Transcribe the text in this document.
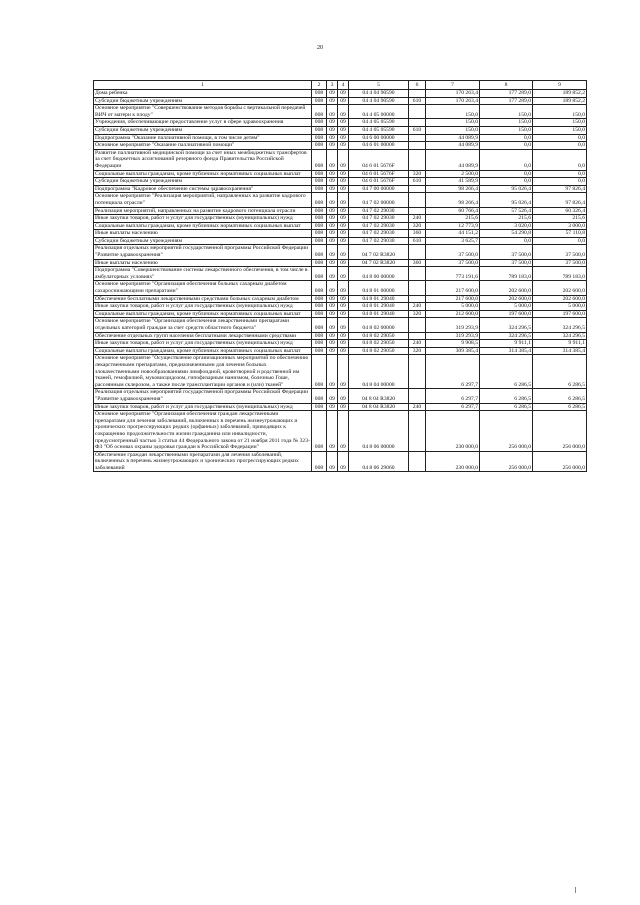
20
1	2	3	4	5	6	7	8	9
Дома ребенка	008	09	09	04 4 04 90590		170 263,4	177 289,0	189 852,2
Субсидии бюджетным учреждениям	008	09	09	04 4 04 90590	610	170 263,4	177 289,0	189 852,2
Основное мероприятие "Совершенствование методов борьбы с вертикальной передачей ВИЧ от матери к плоду"	008	09	09	04 4 05 00000		150,0	150,0	150,0
Учреждения, обеспечивающие предоставление услуг в сфере здравоохранения	008	09	09	04 4 05 05590		150,0	150,0	150,0
Субсидии бюджетным учреждениям	008	09	09	04 4 05 05590	610	150,0	150,0	150,0
Подпрограмма "Оказание паллиативной помощи, в том числе детям"	008	09	09	04 6 00 00000		44 089,9	0,0	0,0
Основное мероприятие "Оказание паллиативной помощи"	008	09	09	04 6 01 00000		44 089,9	0,0	0,0
Развитие паллиативной медицинской помощи за счет иных межбюджетных трансфертов за счет бюджетных ассигнований резервного фонда Правительства Российской Федерации	008	09	09	04 6 01 5676F		44 089,9	0,0	0,0
Социальные выплаты гражданам, кроме публичных нормативных социальных выплат	008	09	09	04 6 01 5676F	320	2 500,0	0,0	0,0
Субсидии бюджетным учреждениям	008	09	09	04 6 01 5676F	610	41 589,9	0,0	0,0
Подпрограмма "Кадровое обеспечение системы здравоохранения"	008	09	09	04 7 00 00000		98 266,4	95 026,4	97 826,4
Основное мероприятие "Реализация мероприятий, направленных на развитие кадрового потенциала отрасли"	008	09	09	04 7 02 00000		98 266,4	95 026,4	97 826,4
Реализация мероприятий, направленных на развитие кадрового потенциала отрасли	008	09	09	04 7 02 29030		60 766,4	57 526,4	60 326,4
Иные закупки товаров, работ и услуг для государственных (муниципальных) нужд	008	09	09	04 7 02 29030	240	215,6	215,6	215,6
Социальные выплаты гражданам, кроме публичных нормативных социальных выплат	008	09	09	04 7 02 29030	320	12 773,9	3 020,0	3 000,0
Иные выплаты населению	008	09	09	04 7 02 29030	360	44 151,2	54 290,8	57 110,8
Субсидии бюджетным учреждениям	008	09	09	04 7 02 29030	610	3 625,7	0,0	0,0
Реализация отдельных мероприятий государственной программы Российской Федерации "Развитие здравоохранения"	008	09	09	04 7 02 R3820		37 500,0	37 500,0	37 500,0
Иные выплаты населению	008	09	09	04 7 02 R3820	360	37 500,0	37 500,0	37 500,0
Подпрограмма "Совершенствование системы лекарственного обеспечения, в том числе в амбулаторных условиях"	008	09	09	04 8 00 00000		773 191,6	789 183,0	789 183,0
Основное мероприятие "Организация обеспечения больных сахарным диабетом сахароснижающими препаратами"	008	09	09	04 8 01 00000		217 600,0	202 600,0	202 600,0
Обеспечение бесплатными лекарственными средствами больных сахарным диабетом	008	09	09	04 8 01 29040		217 600,0	202 600,0	202 600,0
Иные закупки товаров, работ и услуг для государственных (муниципальных) нужд	008	09	09	04 8 01 29040	240	5 000,0	5 000,0	5 000,0
Социальные выплаты гражданам, кроме публичных нормативных социальных выплат	008	09	09	04 8 01 29040	320	212 600,0	197 600,0	197 600,0
Основное мероприятие "Организация обеспечения лекарственными препаратами отдельных категорий граждан за счет средств областного бюджета"	008	09	09	04 8 02 00000		319 293,9	324 296,5	324 296,5
Обеспечение отдельных групп населения бесплатными лекарственными средствами	008	09	09	04 8 02 29050		319 293,9	324 296,5	324 296,5
Иные закупки товаров, работ и услуг для государственных (муниципальных) нужд	008	09	09	04 8 02 29050	240	9 908,5	9 911,1	9 911,1
Социальные выплаты гражданам, кроме публичных нормативных социальных выплат	008	09	09	04 8 02 29050	320	309 385,4	314 385,4	314 385,4
Основное мероприятие "Осуществление организационных мероприятий по обеспечению лекарственными препаратами, предназначенными для лечения больных злокачественными новообразованиями лимфоидной, кроветворной и родственной им тканей, гемофилией, муковисцидозом, гипофизарным нанизмом, болезнью Гоше, рассеянным склерозом, а также после трансплантации органов и (или) тканей"	008	09	09	04 8 04 00000		6 297,7	6 286,5	6 286,5
Реализация отдельных мероприятий государственной программы Российской Федерации "Развитие здравоохранения"	008	09	09	04 8 04 R3820		6 297,7	6 286,5	6 286,5
Иные закупки товаров, работ и услуг для государственных (муниципальных) нужд	008	09	09	04 8 04 R3820	240	6 297,7	6 286,5	6 286,5
Основное мероприятие "Организация обеспечения граждан лекарственными препаратами для лечения заболеваний, включенных в перечень жизнеугрожающих и хронических прогрессирующих редких (орфанных) заболеваний, приводящих к сокращению продолжительности жизни гражданина или инвалидности, предусмотренный частью 3 статьи 44 Федерального закона от 21 ноября 2011 года № 323-ФЗ "Об основах охраны здоровья граждан в Российской Федерации"	008	09	09	04 8 06 00000		230 000,0	256 000,0	256 000,0
Обеспечение граждан лекарственными препаратами для лечения заболеваний, включенных в перечень жизнеугрожающих и хронических прогрессирующих редких заболеваний	008	09	09	04 8 06 29060		230 000,0	256 000,0	256 000,0
